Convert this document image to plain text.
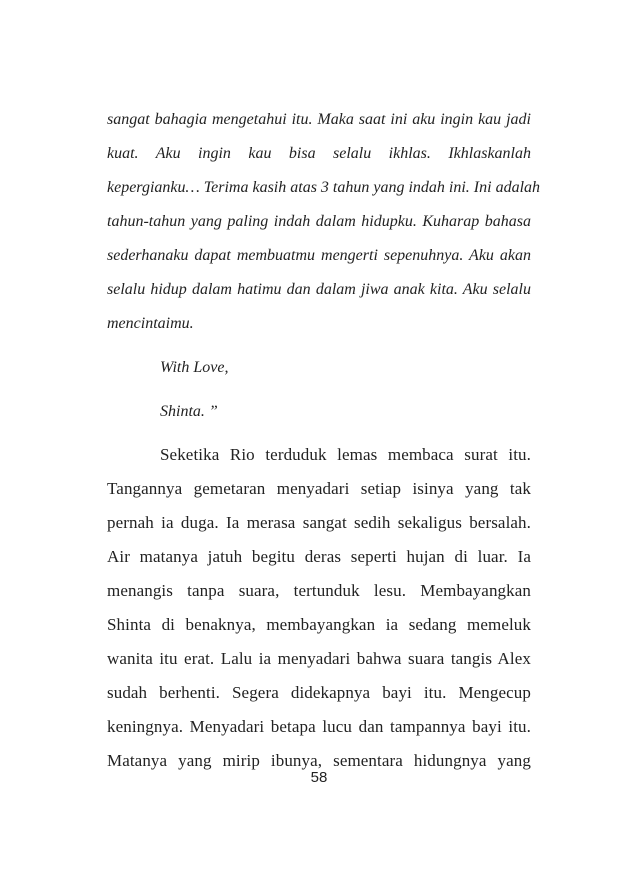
sangat bahagia mengetahui itu. Maka saat ini aku ingin kau jadi
kuat. Aku ingin kau bisa selalu ikhlas. Ikhlaskanlah
kepergianku… Terima kasih atas 3 tahun yang indah ini. Ini adalah
tahun-tahun yang paling indah dalam hidupku. Kuharap bahasa
sederhanaku dapat membuatmu mengerti sepenuhnya. Aku akan
selalu hidup dalam hatimu dan dalam jiwa anak kita. Aku selalu
mencintaimu.
With Love,
Shinta. ”
Seketika Rio terduduk lemas membaca surat itu.
Tangannya gemetaran menyadari setiap isinya yang tak
pernah ia duga. Ia merasa sangat sedih sekaligus bersalah.
Air matanya jatuh begitu deras seperti hujan di luar. Ia
menangis tanpa suara, tertunduk lesu. Membayangkan
Shinta di benaknya, membayangkan ia sedang memeluk
wanita itu erat. Lalu ia menyadari bahwa suara tangis Alex
sudah berhenti. Segera didekapnya bayi itu. Mengecup
keningnya. Menyadari betapa lucu dan tampannya bayi itu.
Matanya yang mirip ibunya, sementara hidungnya yang
58
